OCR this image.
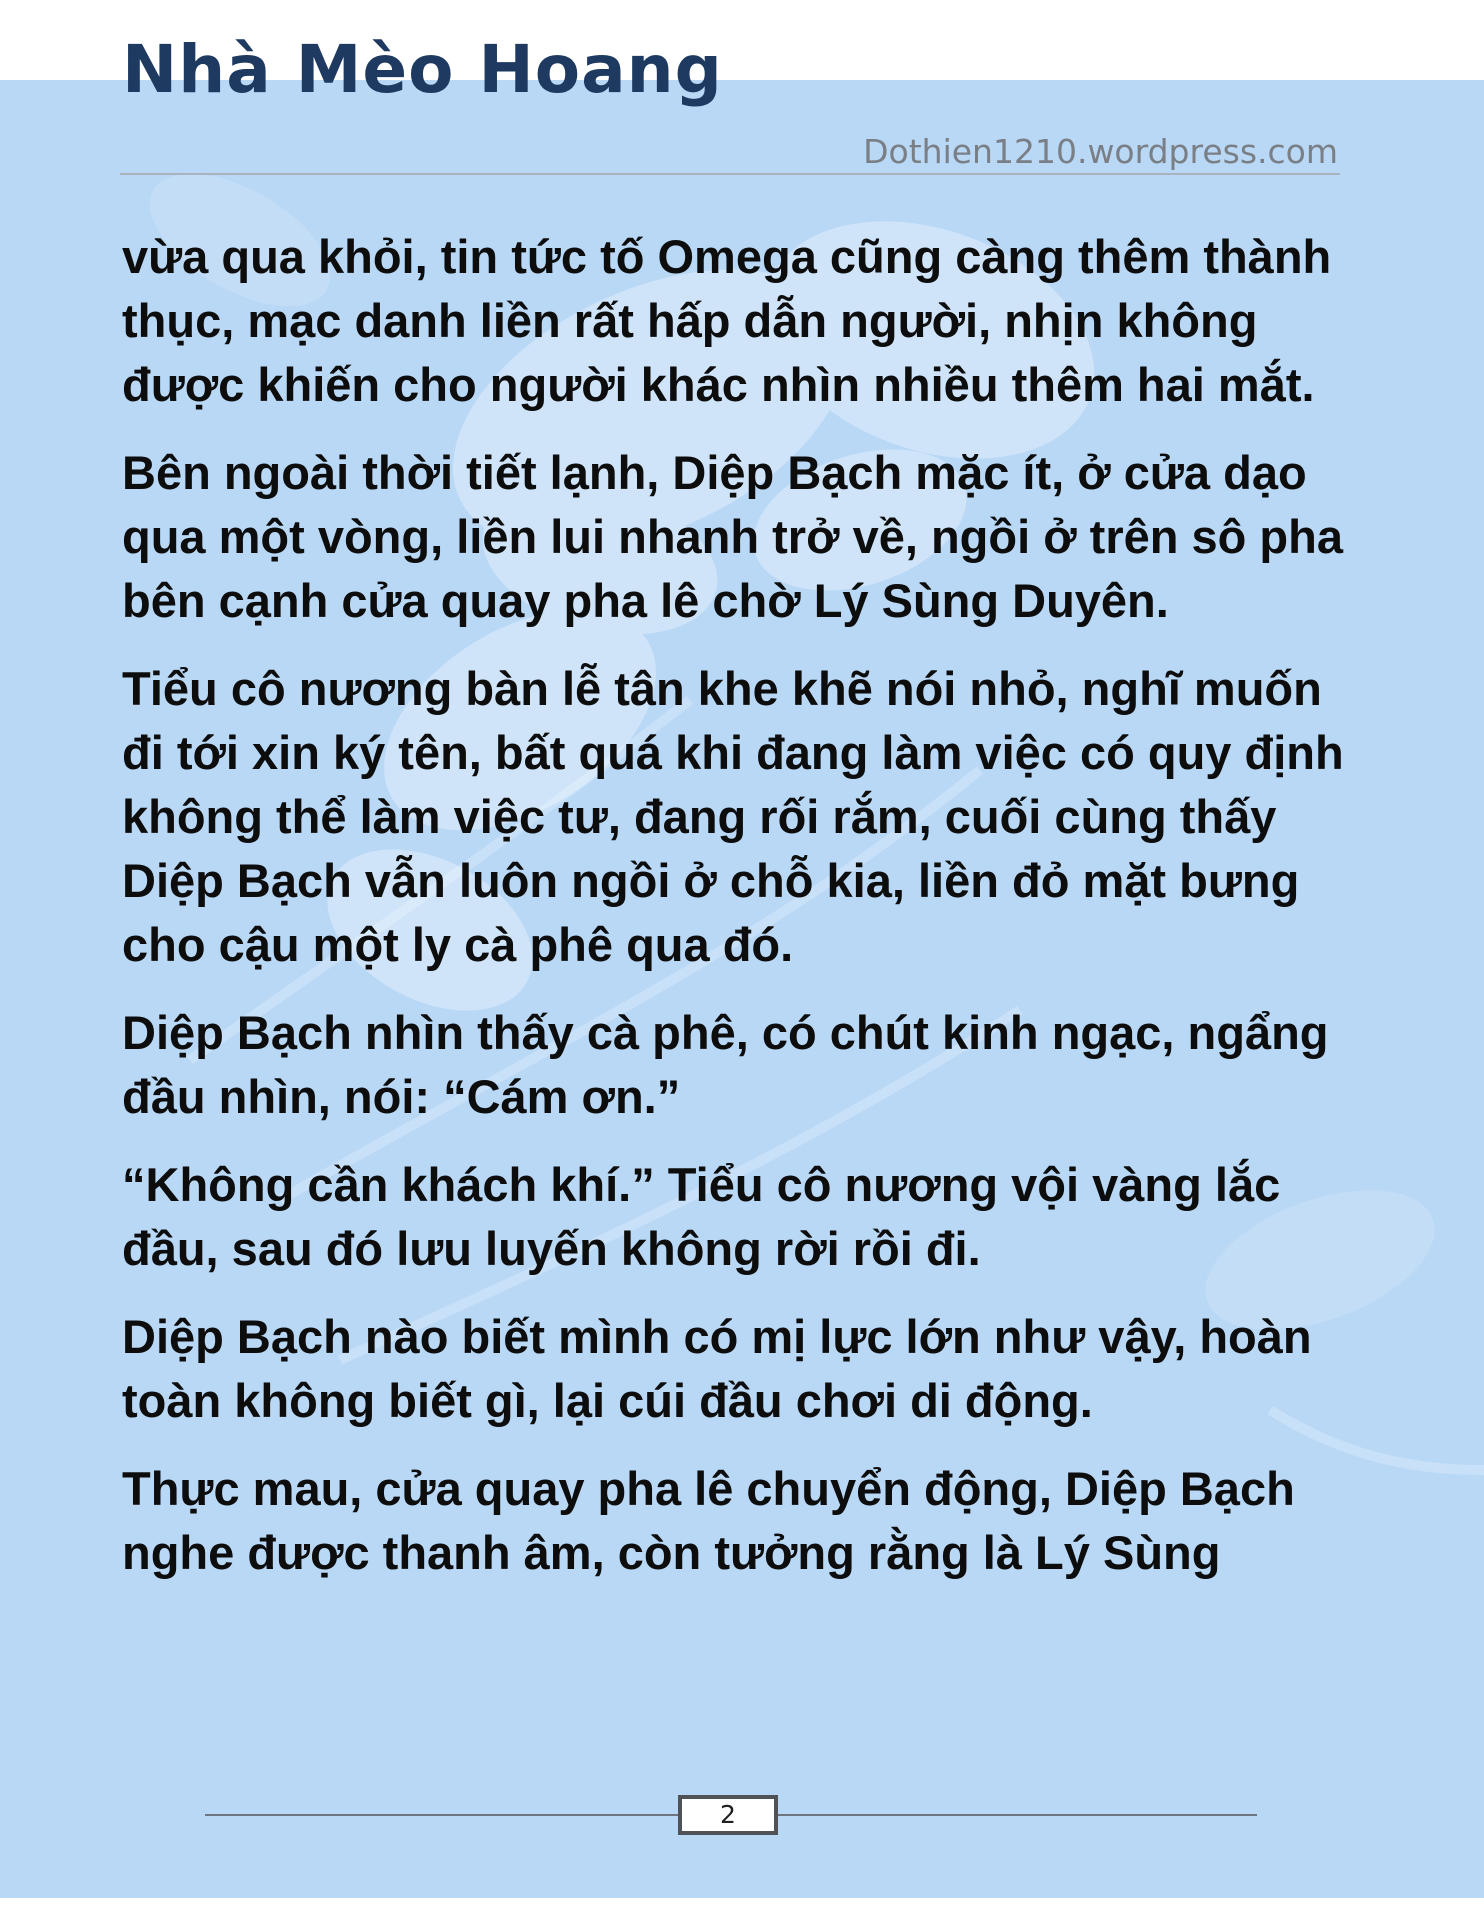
Nhà Mèo Hoang
Dothien1210.wordpress.com

vừa qua khỏi, tin tức tố Omega cũng càng thêm thành thục, mạc danh liền rất hấp dẫn người, nhịn không được khiến cho người khác nhìn nhiều thêm hai mắt.

Bên ngoài thời tiết lạnh, Diệp Bạch mặc ít, ở cửa dạo qua một vòng, liền lui nhanh trở về, ngồi ở trên sô pha bên cạnh cửa quay pha lê chờ Lý Sùng Duyên.

Tiểu cô nương bàn lễ tân khe khẽ nói nhỏ, nghĩ muốn đi tới xin ký tên, bất quá khi đang làm việc có quy định không thể làm việc tư, đang rối rắm, cuối cùng thấy Diệp Bạch vẫn luôn ngồi ở chỗ kia, liền đỏ mặt bưng cho cậu một ly cà phê qua đó.

Diệp Bạch nhìn thấy cà phê, có chút kinh ngạc, ngẩng đầu nhìn, nói: “Cám ơn.”

“Không cần khách khí.” Tiểu cô nương vội vàng lắc đầu, sau đó lưu luyến không rời rồi đi.

Diệp Bạch nào biết mình có mị lực lớn như vậy, hoàn toàn không biết gì, lại cúi đầu chơi di động.

Thực mau, cửa quay pha lê chuyển động, Diệp Bạch nghe được thanh âm, còn tưởng rằng là Lý Sùng

2
